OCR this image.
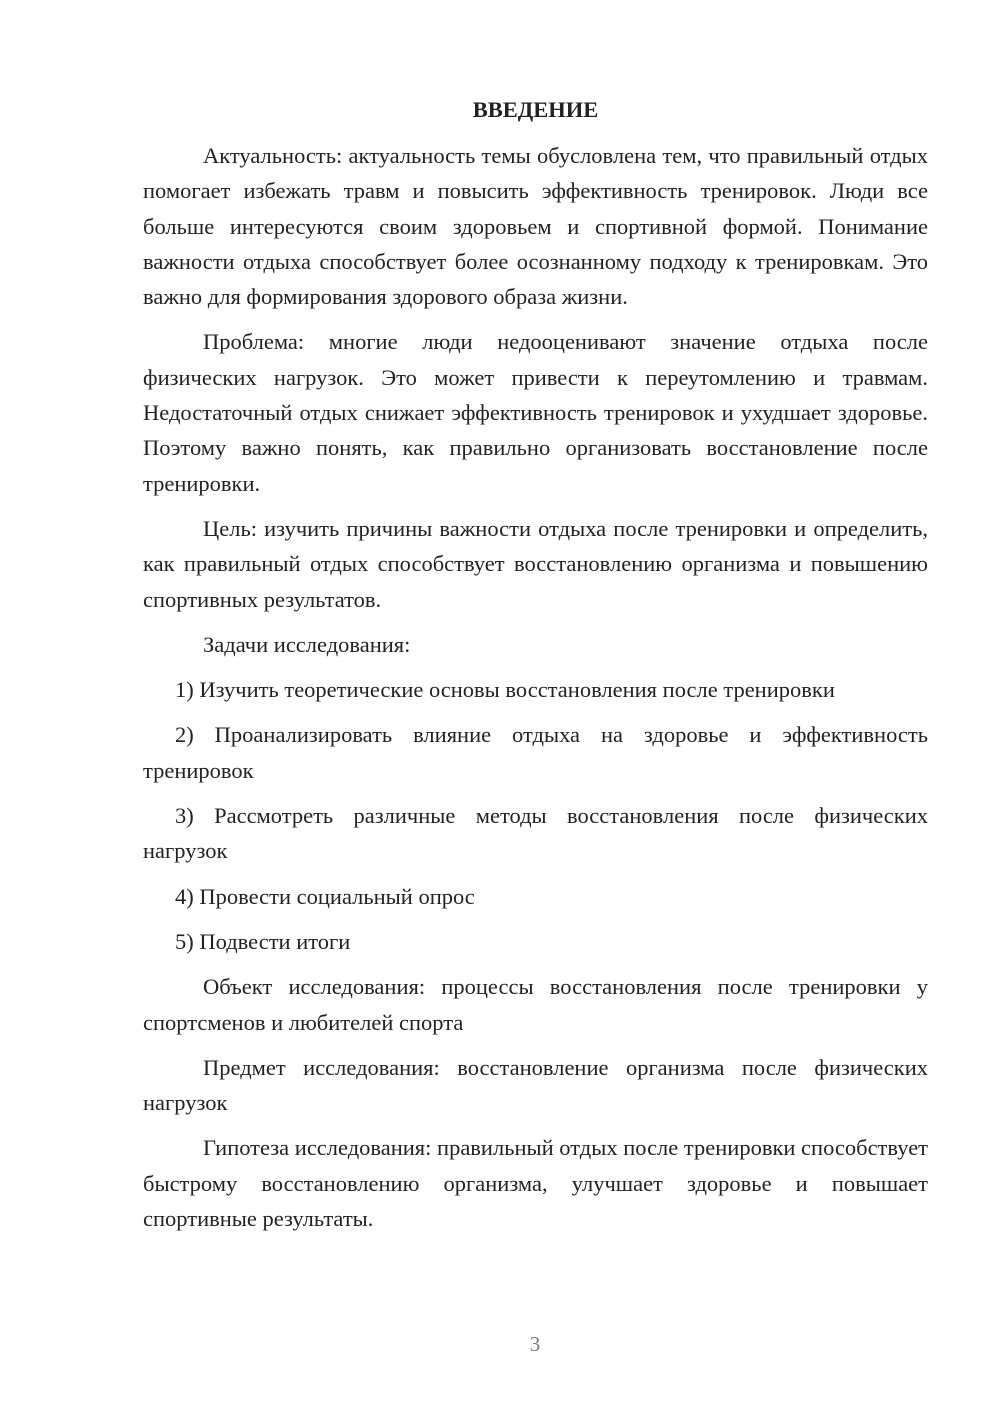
ВВЕДЕНИЕ

Актуальность: актуальность темы обусловлена тем, что правильный отдых помогает избежать травм и повысить эффективность тренировок. Люди все больше интересуются своим здоровьем и спортивной формой. Понимание важности отдыха способствует более осознанному подходу к тренировкам. Это важно для формирования здорового образа жизни.

Проблема: многие люди недооценивают значение отдыха после физических нагрузок. Это может привести к переутомлению и травмам. Недостаточный отдых снижает эффективность тренировок и ухудшает здоровье. Поэтому важно понять, как правильно организовать восстановление после тренировки.

Цель: изучить причины важности отдыха после тренировки и определить, как правильный отдых способствует восстановлению организма и повышению спортивных результатов.

Задачи исследования:

1) Изучить теоретические основы восстановления после тренировки

2) Проанализировать влияние отдыха на здоровье и эффективность тренировок

3) Рассмотреть различные методы восстановления после физических нагрузок

4) Провести социальный опрос

5) Подвести итоги

Объект исследования: процессы восстановления после тренировки у спортсменов и любителей спорта

Предмет исследования: восстановление организма после физических нагрузок

Гипотеза исследования: правильный отдых после тренировки способствует быстрому восстановлению организма, улучшает здоровье и повышает спортивные результаты.

3
